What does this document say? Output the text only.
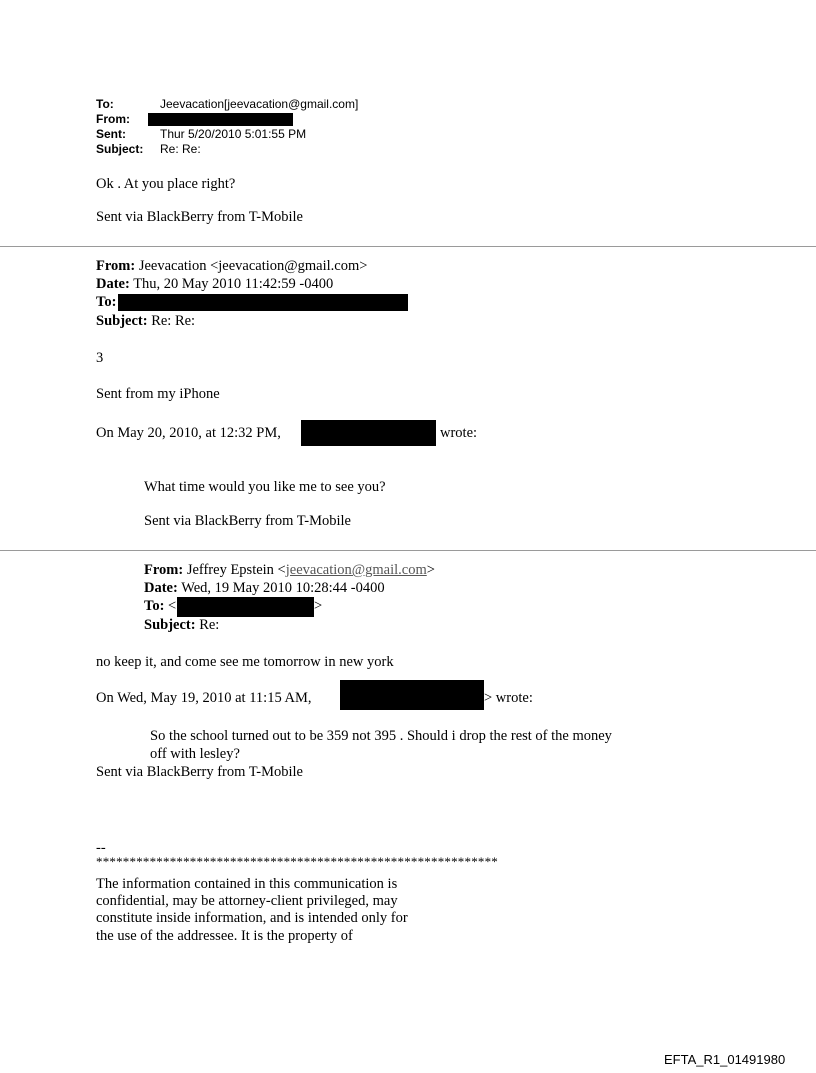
To:	Jeevacation[jeevacation@gmail.com]
From:
Sent:	Thur 5/20/2010 5:01:55 PM
Subject: Re: Re:
Ok . At you place right?
Sent via BlackBerry from T-Mobile
From: Jeevacation <jeevacation@gmail.com>
Date: Thu, 20 May 2010 11:42:59 -0400
To:
Subject: Re: Re:
3
Sent from my iPhone
On May 20, 2010, at 12:32 PM,	wrote:
What time would you like me to see you?
Sent via BlackBerry from T-Mobile
From: Jeffrey Epstein <jeevacation@gmail.com>
Date: Wed, 19 May 2010 10:28:44 -0400
To: <	>
Subject: Re:
no keep it, and come see me tomorrow in new york
On Wed, May 19, 2010 at 11:15 AM,	> wrote:
So the school turned out to be 359 not 395 . Should i drop the rest of the money
off with lesley?
Sent via BlackBerry from T-Mobile
--
************************************************************
The information contained in this communication is
confidential, may be attorney-client privileged, may
constitute inside information, and is intended only for
the use of the addressee. It is the property of
EFTA_R1_01491980
